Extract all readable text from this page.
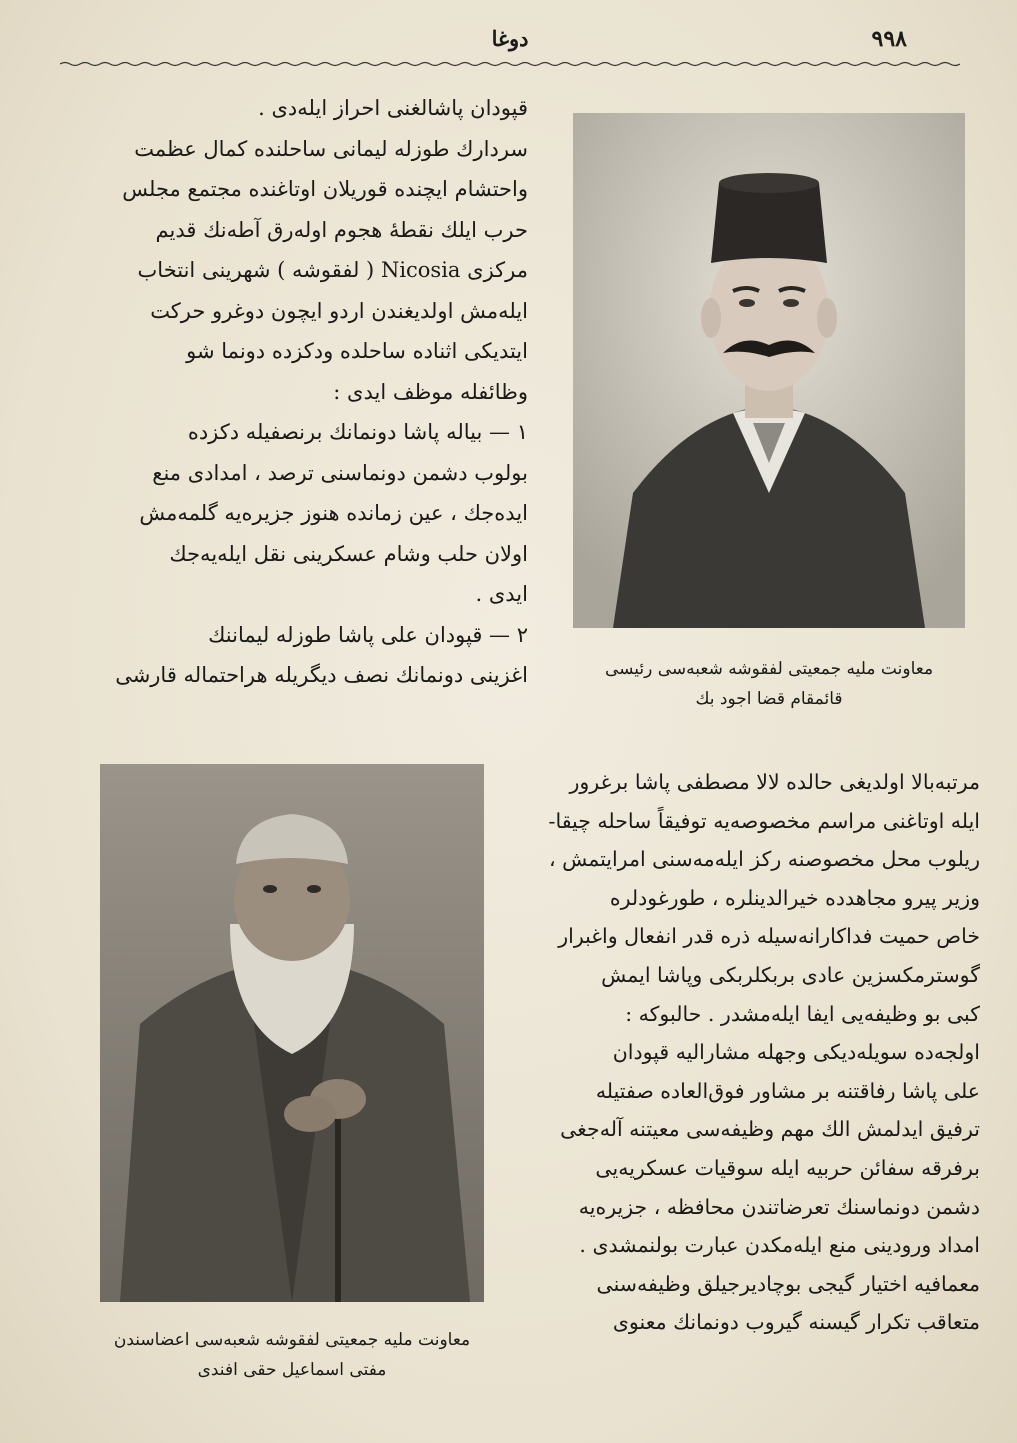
٩٩٨
دوغا

قپودان پاشالغنی احراز ایله‌دی .

سردارك طوزله لیمانی ساحلنده کمال عظمت

واحتشام ایچنده قوریلان اوتاغنده مجتمع مجلس

حرب ایلك نقطهٔ هجوم اوله‌رق آطه‌نك قدیم

مرکزی Nicosia ( لفقوشه ) شهرینی انتخاب

ایله‌مش اولدیغندن اردو ایچون دوغرو حرکت

ایتدیکی اثناده ساحلده ودکزده دونما شو

وظائفله موظف ایدی :

١ — بیاله پاشا دونمانك برنصفیله دکزده

بولوب دشمن دونماسنی ترصد ، امدادی منع

ایده‌جك ، عین زمانده هنوز جزیره‌یه گلمه‌مش

اولان حلب وشام عسکرینی نقل ایله‌یه‌جك

ایدی .

٢ — قپودان علی پاشا طوزله لیماننك

اغزینی دونمانك نصف دیگریله هراحتماله قارشی	معاونت ملیه جمعیتی لفقوشه شعبه‌سی رئیسی
قائمقام قضا اجود بك
معاونت ملیه جمعیتی لفقوشه شعبه‌سی اعضاسندن
مفتی اسماعیل حقی افندی

مرتبه‌بالا اولدیغی حالده لالا مصطفی پاشا برغرور

ایله اوتاغنی مراسم مخصوصه‌یه توفیقاً ساحله چیقا-

ریلوب محل مخصوصنه رکز ایله‌مه‌سنی امرایتمش ،

وزیر پیرو مجاهدده خیرالدینلره ، طورغودلره

خاص حمیت فداکارانه‌سیله ذره قدر انفعال واغبرار

گوسترمکسزین عادی بربکلربکی وپاشا ایمش

کبی بو وظیفه‌یی ایفا ایله‌مشدر . حالبوکه :

اولجه‌ده سویله‌دیکی وجهله مشارالیه قپودان

علی پاشا رفاقتنه بر مشاور فوق‌العاده صفتیله

ترفیق ایدلمش الك مهم وظیفه‌سی معیتنه آله‌جغی

برفرقه سفائن حربیه ایله سوقیات عسکریه‌یی

دشمن دونماسنك تعرضاتندن محافظه ، جزیره‌یه

امداد ورودینی منع ایله‌مکدن عبارت بولنمشدی .

معمافیه اختیار گیجی بوچادیرجیلق وظیفه‌سنی

متعاقب تکرار گیسنه گیروب دونمانك معنوی
